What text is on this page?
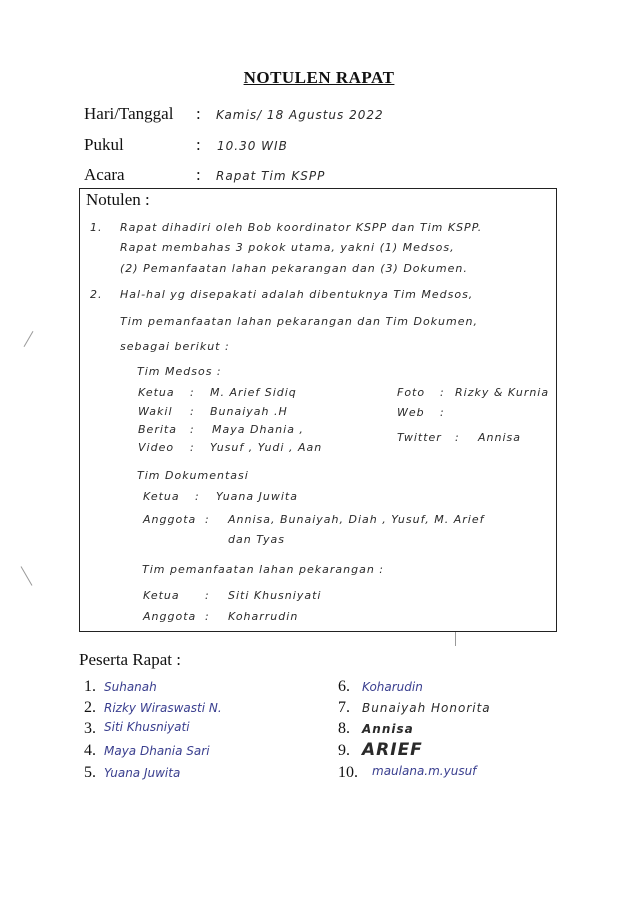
NOTULEN RAPAT
Hari/Tanggal : Kamis/ 18 Agustus 2022
Pukul	: 10.30 WIB
Acara	: Rapat Tim KSPP
Notulen :
1. Rapat dihadiri oleh Bob koordinator KSPP dan Tim KSPP.
Rapat membahas 3 pokok utama, yakni (1) Medsos,
(2) Pemanfaatan lahan pekarangan dan (3) Dokumen.
2. Hal-hal yg disepakati adalah dibentuknya Tim Medsos,
Tim pemanfaatan lahan pekarangan dan Tim Dokumen,
sebagai berikut :
Tim Medsos :
Ketua : M. Arief Sidiq
Wakil : Bunaiyah .H
Berita : Maya Dhania ,
Video : Yusuf , Yudi , Aan
Foto : Rizky & Kurnia
Web :
Twitter : Annisa
Tim Dokumentasi
Ketua : Yuana Juwita
Anggota : Annisa, Bunaiyah, Diah , Yusuf, M. Arief
dan Tyas
Tim pemanfaatan lahan pekarangan :
Ketua : Siti Khusniyati
Anggota : Koharrudin
Peserta Rapat :
1. Suhanah
2. Rizky Wiraswasti N.
3. Siti Khusniyati
4. Maya Dhania Sari
5. Yuana Juwita
6. Koharudin
7. Bunaiyah Honorita
8. Annisa
9. ARIEF
10. maulana.m.yusuf
